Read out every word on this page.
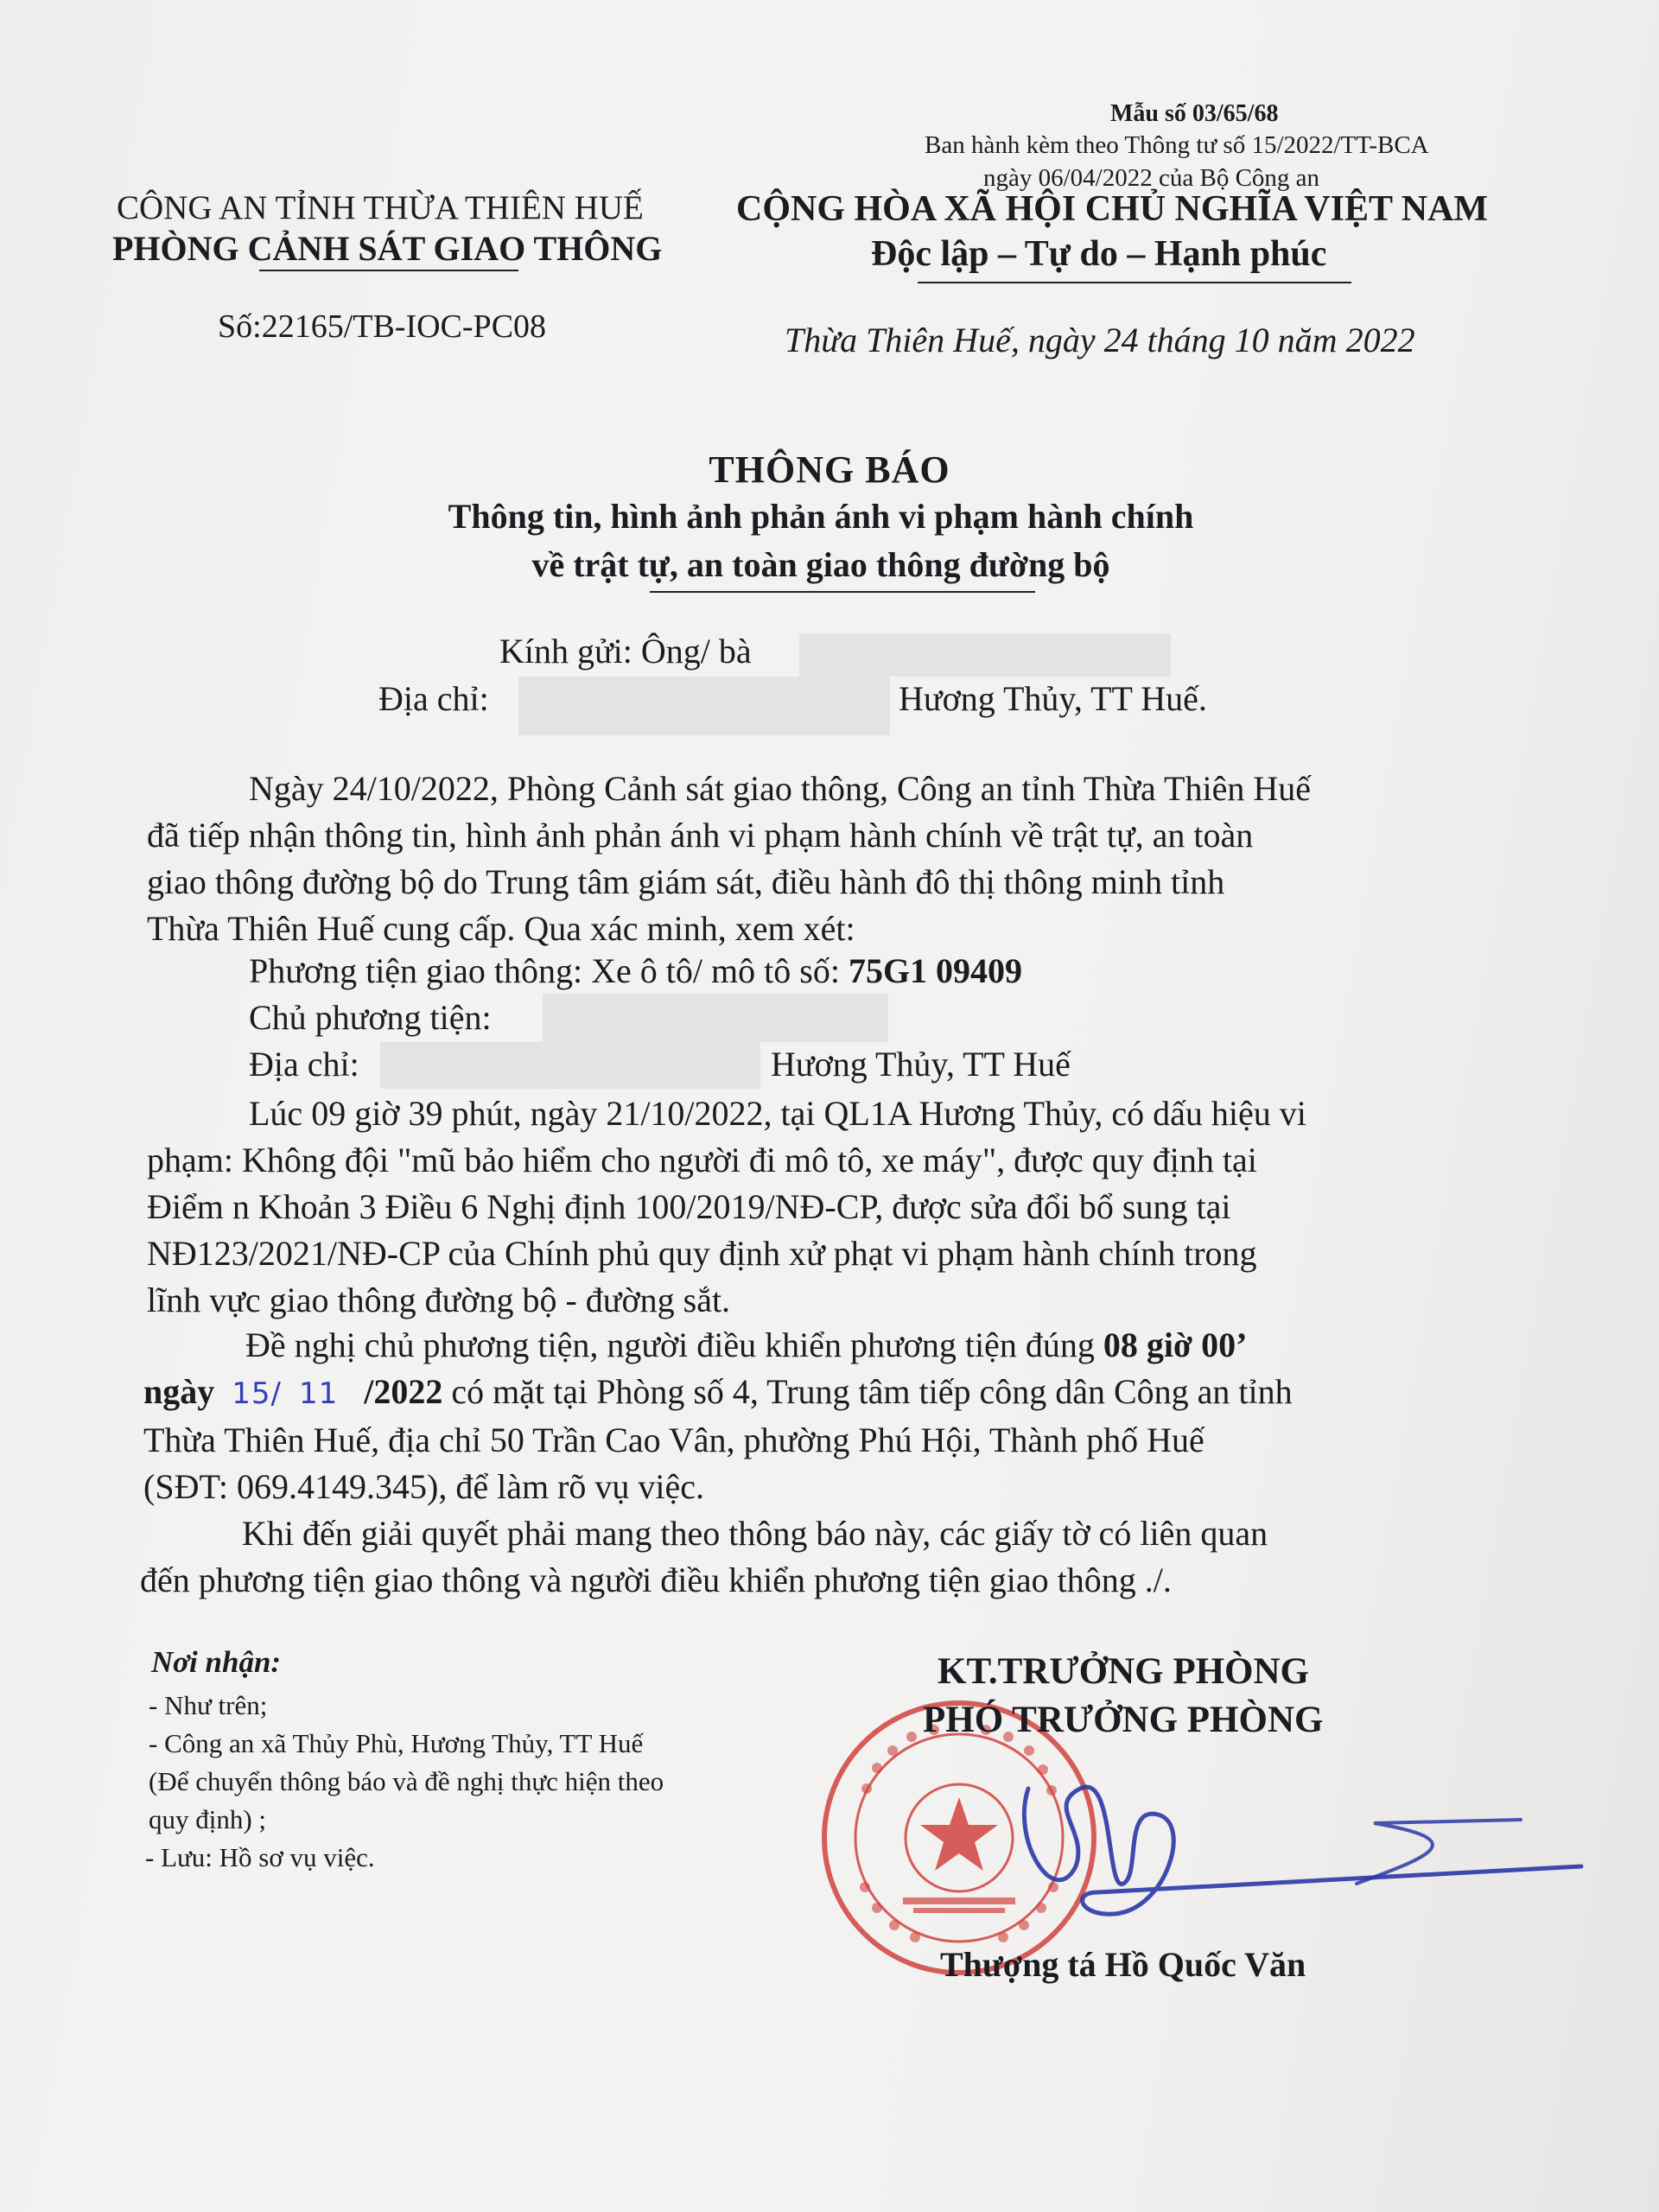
Mẫu số 03/65/68
Ban hành kèm theo Thông tư số 15/2022/TT-BCA
ngày 06/04/2022 của Bộ Công an
CÔNG AN TỈNH THỪA THIÊN HUẾ
PHÒNG CẢNH SÁT GIAO THÔNG
Số:22165/TB-IOC-PC08
CỘNG HÒA XÃ HỘI CHỦ NGHĨA VIỆT NAM
Độc lập – Tự do – Hạnh phúc
Thừa Thiên Huế, ngày 24 tháng 10 năm 2022
THÔNG BÁO
Thông tin, hình ảnh phản ánh vi phạm hành chính
về trật tự, an toàn giao thông đường bộ
Kính gửi: Ông/ bà
Địa chỉ:	Hương Thủy, TT Huế.
Ngày 24/10/2022, Phòng Cảnh sát giao thông, Công an tỉnh Thừa Thiên Huế
đã tiếp nhận thông tin, hình ảnh phản ánh vi phạm hành chính về trật tự, an toàn
giao thông đường bộ do Trung tâm giám sát, điều hành đô thị thông minh tỉnh
Thừa Thiên Huế cung cấp. Qua xác minh, xem xét:
Phương tiện giao thông: Xe ô tô/ mô tô số: 75G1 09409
Chủ phương tiện:
Địa chỉ:	Hương Thủy, TT Huế
Lúc 09 giờ 39 phút, ngày 21/10/2022, tại QL1A Hương Thủy, có dấu hiệu vi
phạm: Không đội "mũ bảo hiểm cho người đi mô tô, xe máy", được quy định tại
Điểm n Khoản 3 Điều 6 Nghị định 100/2019/NĐ-CP, được sửa đổi bổ sung tại
NĐ123/2021/NĐ-CP của Chính phủ quy định xử phạt vi phạm hành chính trong
lĩnh vực giao thông đường bộ - đường sắt.
Đề nghị chủ phương tiện, người điều khiển phương tiện đúng 08 giờ 00’
ngày 15/ 11 /2022 có mặt tại Phòng số 4, Trung tâm tiếp công dân Công an tỉnh
Thừa Thiên Huế, địa chỉ 50 Trần Cao Vân, phường Phú Hội, Thành phố Huế
(SĐT: 069.4149.345), để làm rõ vụ việc.
Khi đến giải quyết phải mang theo thông báo này, các giấy tờ có liên quan
đến phương tiện giao thông và người điều khiển phương tiện giao thông ./.
Nơi nhận:
- Như trên;
- Công an xã Thủy Phù, Hương Thủy, TT Huế
(Để chuyển thông báo và đề nghị thực hiện theo
quy định) ;
- Lưu: Hồ sơ vụ việc.
KT.TRƯỞNG PHÒNG
PHÓ TRƯỞNG PHÒNG
Thượng tá Hồ Quốc Văn
